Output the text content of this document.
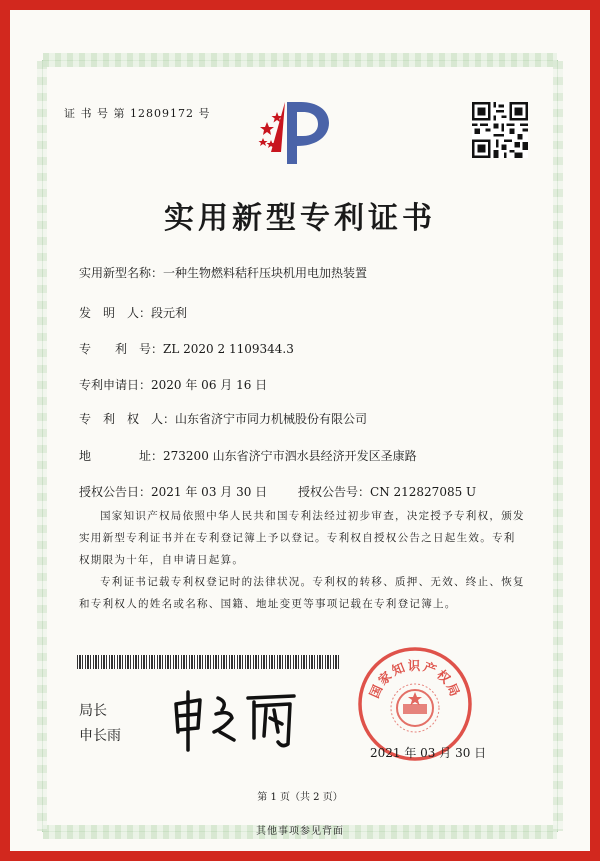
证 书 号 第 12809172 号
实用新型专利证书
实用新型名称：一种生物燃料秸秆压块机用电加热装置
发　明　人：段元利
专　　利　号：ZL 2020 2 1109344.3
专利申请日：2020 年 06 月 16 日
专　利　权　人：山东省济宁市同力机械股份有限公司
地　　　　址：273200 山东省济宁市泗水县经济开发区圣康路
授权公告日：2021 年 03 月 30 日	授权公告号：CN 212827085 U

国家知识产权局依照中华人民共和国专利法经过初步审查，决定授予专利权，颁发实用新型专利证书并在专利登记簿上予以登记。专利权自授权公告之日起生效。专利权期限为十年，自申请日起算。

专利证书记载专利权登记时的法律状况。专利权的转移、质押、无效、终止、恢复和专利权人的姓名或名称、国籍、地址变更等事项记载在专利登记簿上。

局长
申长雨
国家知识产权局
2021 年 03 月 30 日
第 1 页（共 2 页）
其他事项参见背面
